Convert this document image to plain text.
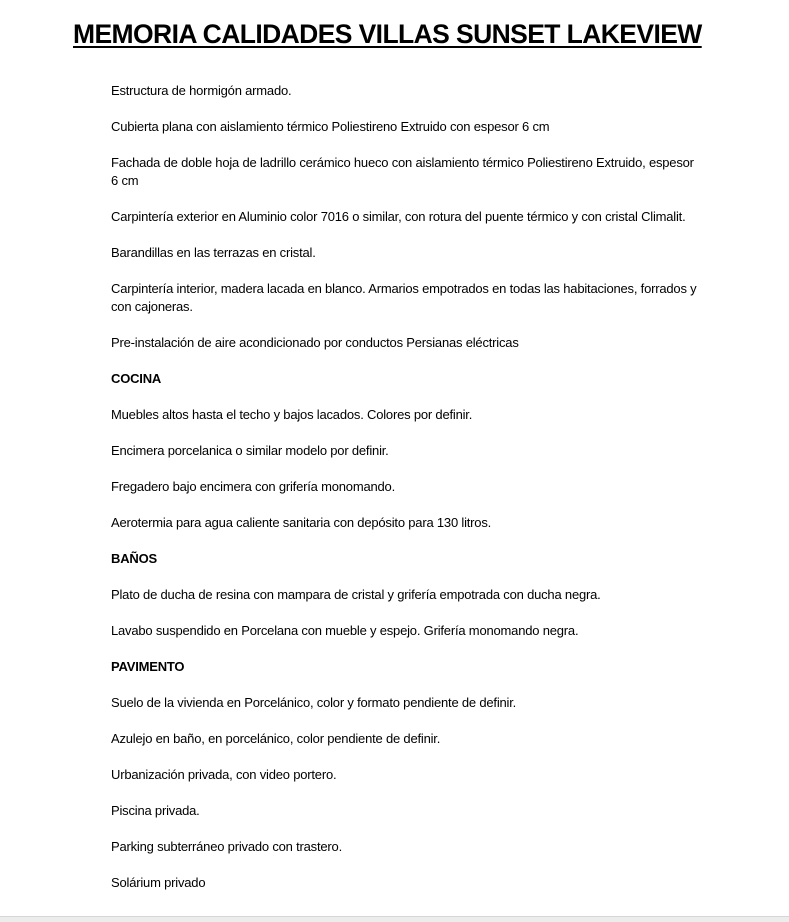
MEMORIA CALIDADES VILLAS SUNSET LAKEVIEW
Estructura de hormigón armado.
Cubierta plana con aislamiento térmico Poliestireno Extruido con espesor 6 cm
Fachada de doble hoja de ladrillo cerámico hueco con aislamiento térmico Poliestireno Extruido, espesor 6 cm
Carpintería exterior en Aluminio color 7016 o similar, con rotura del puente térmico y con cristal Climalit.
Barandillas en las terrazas en cristal.
Carpintería interior, madera lacada en blanco. Armarios empotrados en todas las habitaciones, forrados y con cajoneras.
Pre-instalación de aire acondicionado por conductos Persianas eléctricas
COCINA
Muebles altos hasta el techo y bajos lacados. Colores por definir.
Encimera porcelanica o similar modelo por definir.
Fregadero bajo encimera con grifería monomando.
Aerotermia para agua caliente sanitaria con depósito para 130 litros.
BAÑOS
Plato de ducha de resina con mampara de cristal y grifería empotrada con ducha negra.
Lavabo suspendido en Porcelana con mueble y espejo. Grifería monomando negra.
PAVIMENTO
Suelo de la vivienda en Porcelánico, color y formato pendiente de definir.
Azulejo en baño, en porcelánico, color pendiente de definir.
Urbanización privada, con video portero.
Piscina privada.
Parking subterráneo privado con trastero.
Solárium privado
